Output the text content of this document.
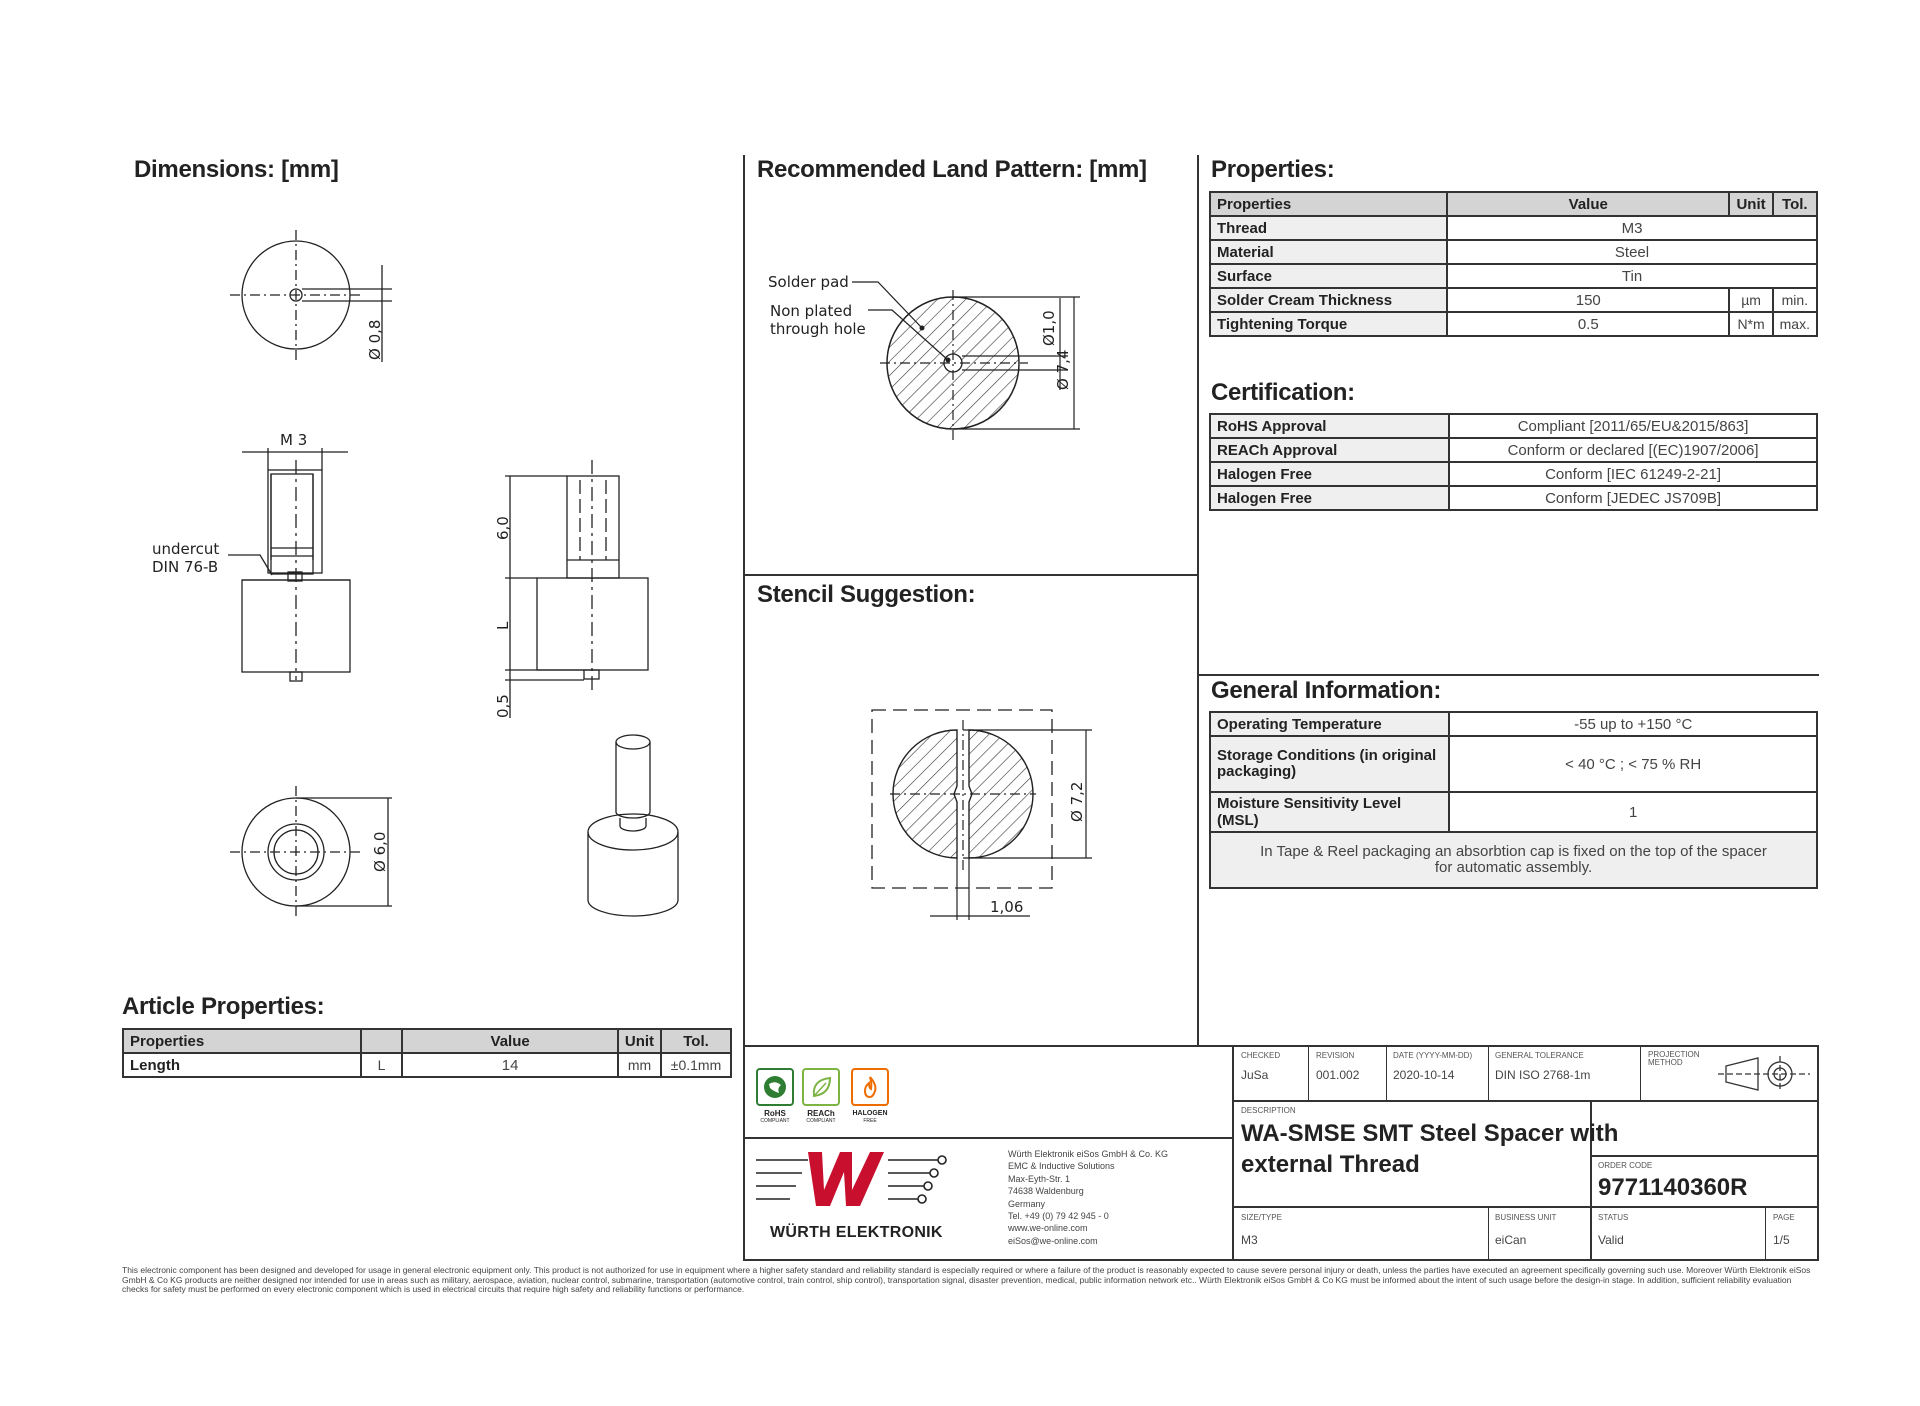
Dimensions: [mm]	Recommended Land Pattern: [mm]
Stencil Suggestion:
Properties:
Certification:
General Information:
Article Properties:
Ø 0,8
M 3
undercut
DIN 76-B
6,0
L
0,5
Ø 6,0
Solder pad
Non plated
through hole	Ø1,0
Ø 7,4
Ø 7,2
1,06
Properties	Value	Unit	Tol.
Thread	M3		
Material	Steel		
Surface	Tin		
Solder Cream Thickness	150	µm	min.
Tightening Torque	0.5	N*m	max.
RoHS Approval	Compliant [2011/65/EU&2015/863]
REACh Approval	Conform or declared [(EC)1907/2006]
Halogen Free	Conform [IEC 61249-2-21]
Halogen Free	Conform [JEDEC JS709B]
Operating Temperature	-55 up to +150 °C
Storage Conditions (in original packaging)	< 40 °C ; < 75 % RH
Moisture Sensitivity Level (MSL)	1
In Tape & Reel packaging an absorbtion cap is fixed on the top of the spacer for automatic assembly.	
Properties		Value	Unit	Tol.
Length	L	14	mm	±0.1mm
CHECKED
JuSa
REVISION
001.002
DATE (YYYY-MM-DD)
2020-10-14
GENERAL TOLERANCE
DIN ISO 2768-1m
PROJECTION METHOD
DESCRIPTION
WA-SMSE SMT Steel Spacer with
external Thread	ORDER CODE
9771140360R
SIZE/TYPE
M3
BUSINESS UNIT
eiCan
STATUS
Valid
PAGE
1/5
RoHS
COMPLIANT
REACh
COMPLIANT
HALOGEN
FREE
WÜRTH ELEKTRONIK
Würth Elektronik eiSos GmbH & Co. KG
EMC & Inductive Solutions
Max-Eyth-Str. 1
74638 Waldenburg
Germany
Tel. +49 (0) 79 42 945 - 0
www.we-online.com
eiSos@we-online.com
This electronic component has been designed and developed for usage in general electronic equipment only. This product is not authorized for use in equipment where a higher safety standard and reliability standard is especially required or where a failure of the product is reasonably expected to cause severe personal injury or death, unless the parties have executed an agreement specifically governing such use. Moreover Würth Elektronik eiSos GmbH & Co KG products are neither designed nor intended for use in areas such as military, aerospace, aviation, nuclear control, submarine, transportation (automotive control, train control, ship control), transportation signal, disaster prevention, medical, public information network etc.. Würth Elektronik eiSos GmbH & Co KG must be informed about the intent of such usage before the design-in stage. In addition, sufficient reliability evaluation checks for safety must be performed on every electronic component which is used in electrical circuits that require high safety and reliability functions or performance.
